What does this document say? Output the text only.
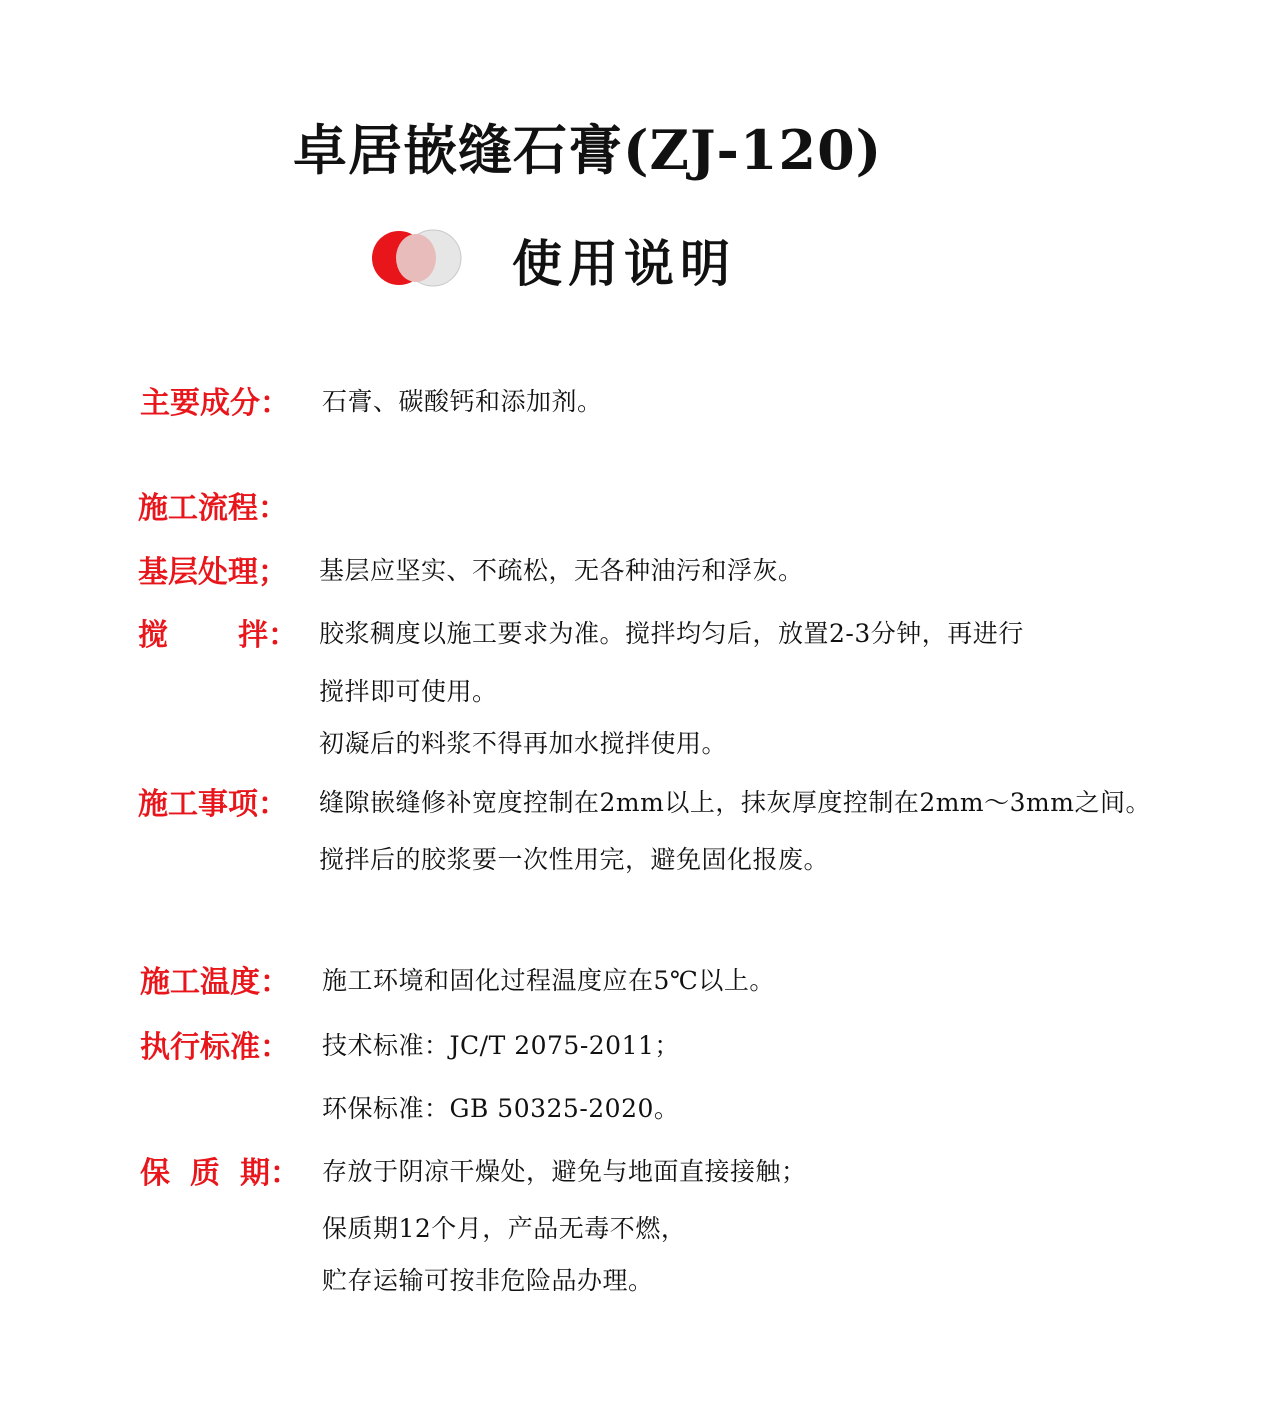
卓居嵌缝石膏(ZJ-120)
使用说明
主要成分： 石膏、碳酸钙和添加剂。
施工流程：
基层处理； 基层应坚实、不疏松，无各种油污和浮灰。
搅 拌： 胶浆稠度以施工要求为准。搅拌均匀后，放置2-3分钟，再进行
搅拌即可使用。
初凝后的料浆不得再加水搅拌使用。
施工事项： 缝隙嵌缝修补宽度控制在2mm以上，抹灰厚度控制在2mm～3mm之间。
搅拌后的胶浆要一次性用完，避免固化报废。
施工温度： 施工环境和固化过程温度应在5℃以上。
执行标准： 技术标准：JC/T 2075-2011；
环保标准：GB 50325-2020。
保 质 期： 存放于阴凉干燥处，避免与地面直接接触；
保质期12个月，产品无毒不燃，
贮存运输可按非危险品办理。
